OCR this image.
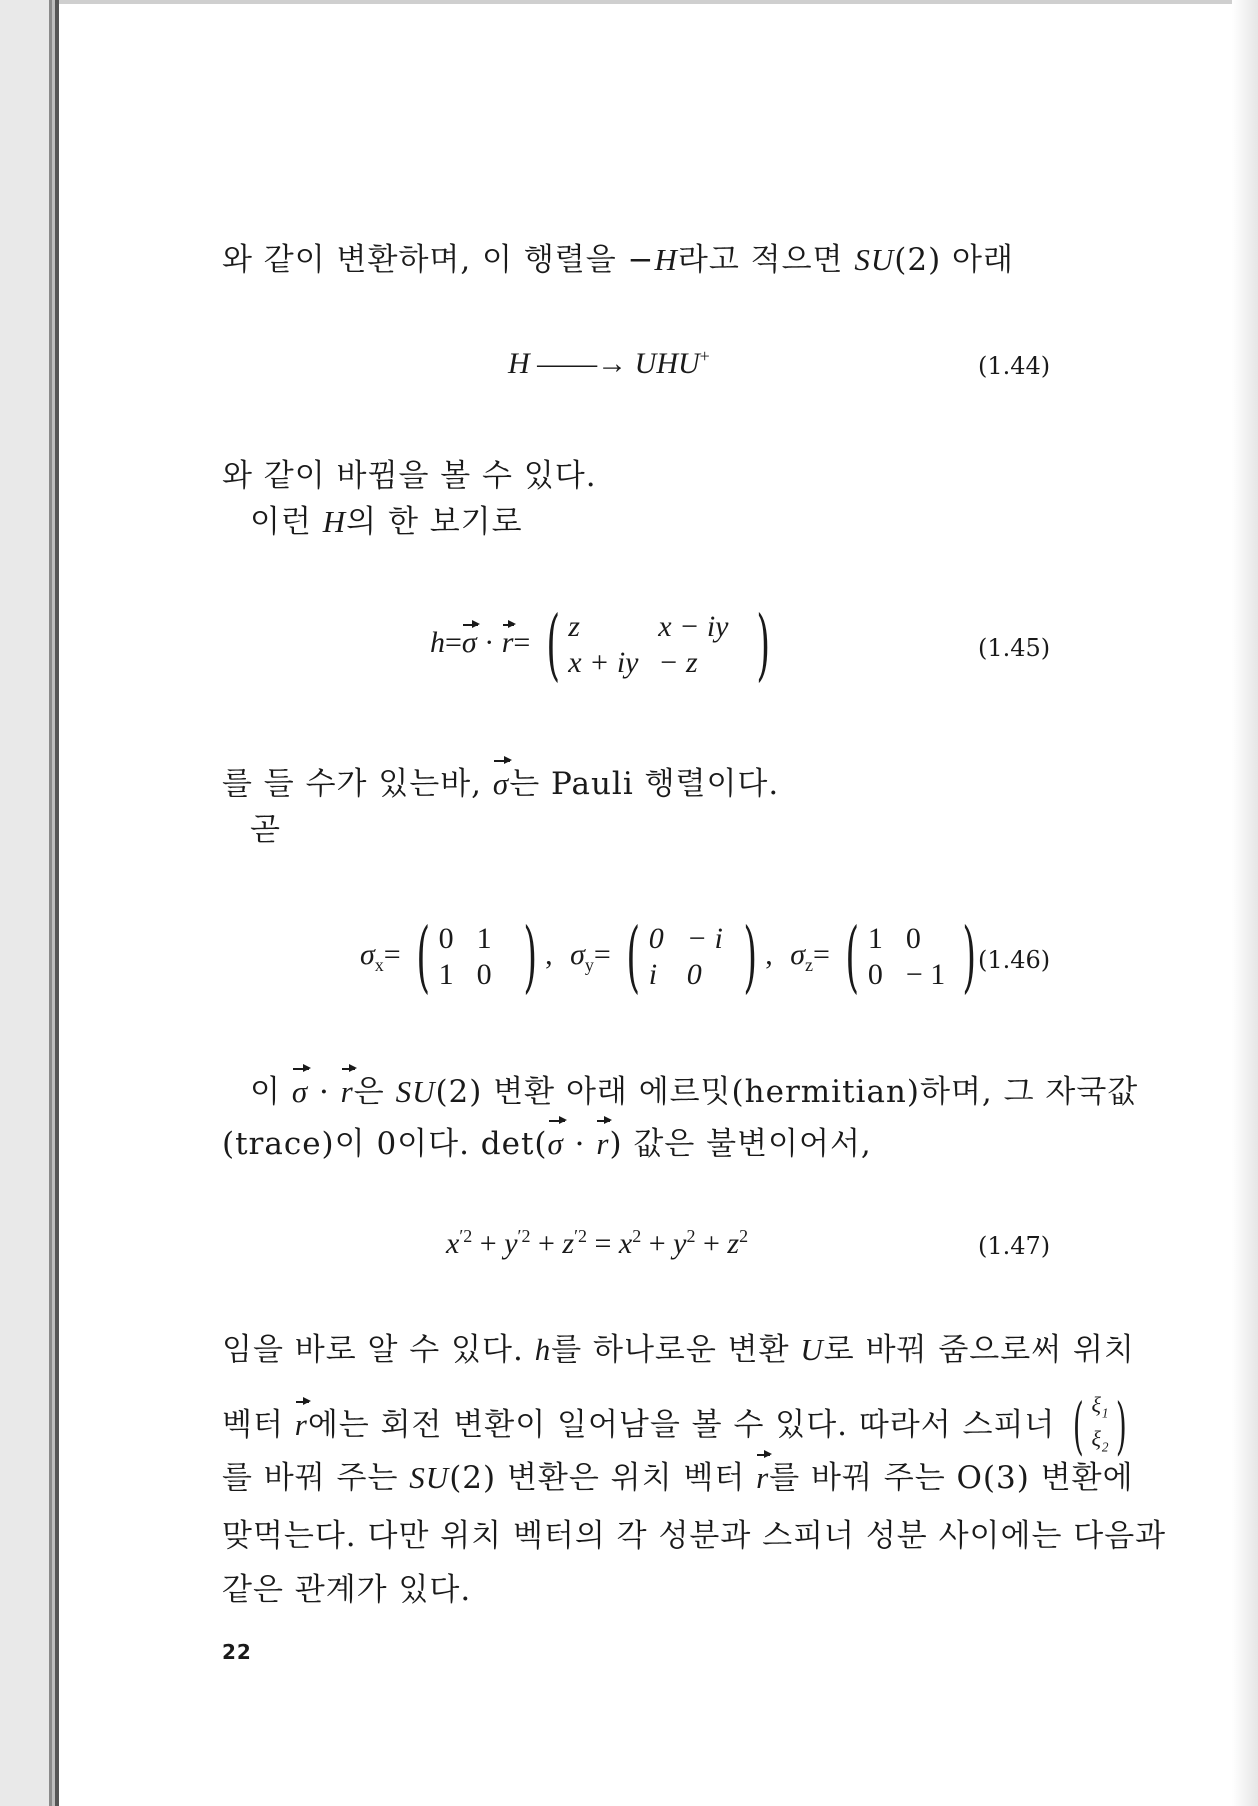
와 같이 변환하며, 이 행렬을 −H라고 적으면 SU(2) 아래
H ——→ UHU+	(1.44)
와 같이 바뀜을 볼 수 있다.
이런 H의 한 보기로
h=σ · r= ( z	x − iy
x + iy − z )	(1.45)
를 들 수가 있는바, σ는 Pauli 행렬이다.
곧
$\sigma_x=$ ( 0 1
1 0 ) , $\sigma_y=$ ( 0 − i
i 0 ) , $\sigma_z=$ ( 1 0
0 − 1 ) (1.46)
이 σ · r은 SU(2) 변환 아래 에르밋(hermitian)하며, 그 자국값
(trace)이 0이다. det(σ · r) 값은 불변이어서,
$x^{'2} + y^{'2} + z^{'2} = x^2 + y^2 + z^2$	(1.47)
임을 바로 알 수 있다. h를 하나로운 변환 U로 바꿔 줌으로써 위치
벡터 r에는 회전 변환이 일어남을 볼 수 있다. 따라서 스피너 ( $\xi_1$
$\xi_2$ )
를 바꿔 주는 SU(2) 변환은 위치 벡터 r를 바꿔 주는 O(3) 변환에
맞먹는다. 다만 위치 벡터의 각 성분과 스피너 성분 사이에는 다음과
같은 관계가 있다.
22
